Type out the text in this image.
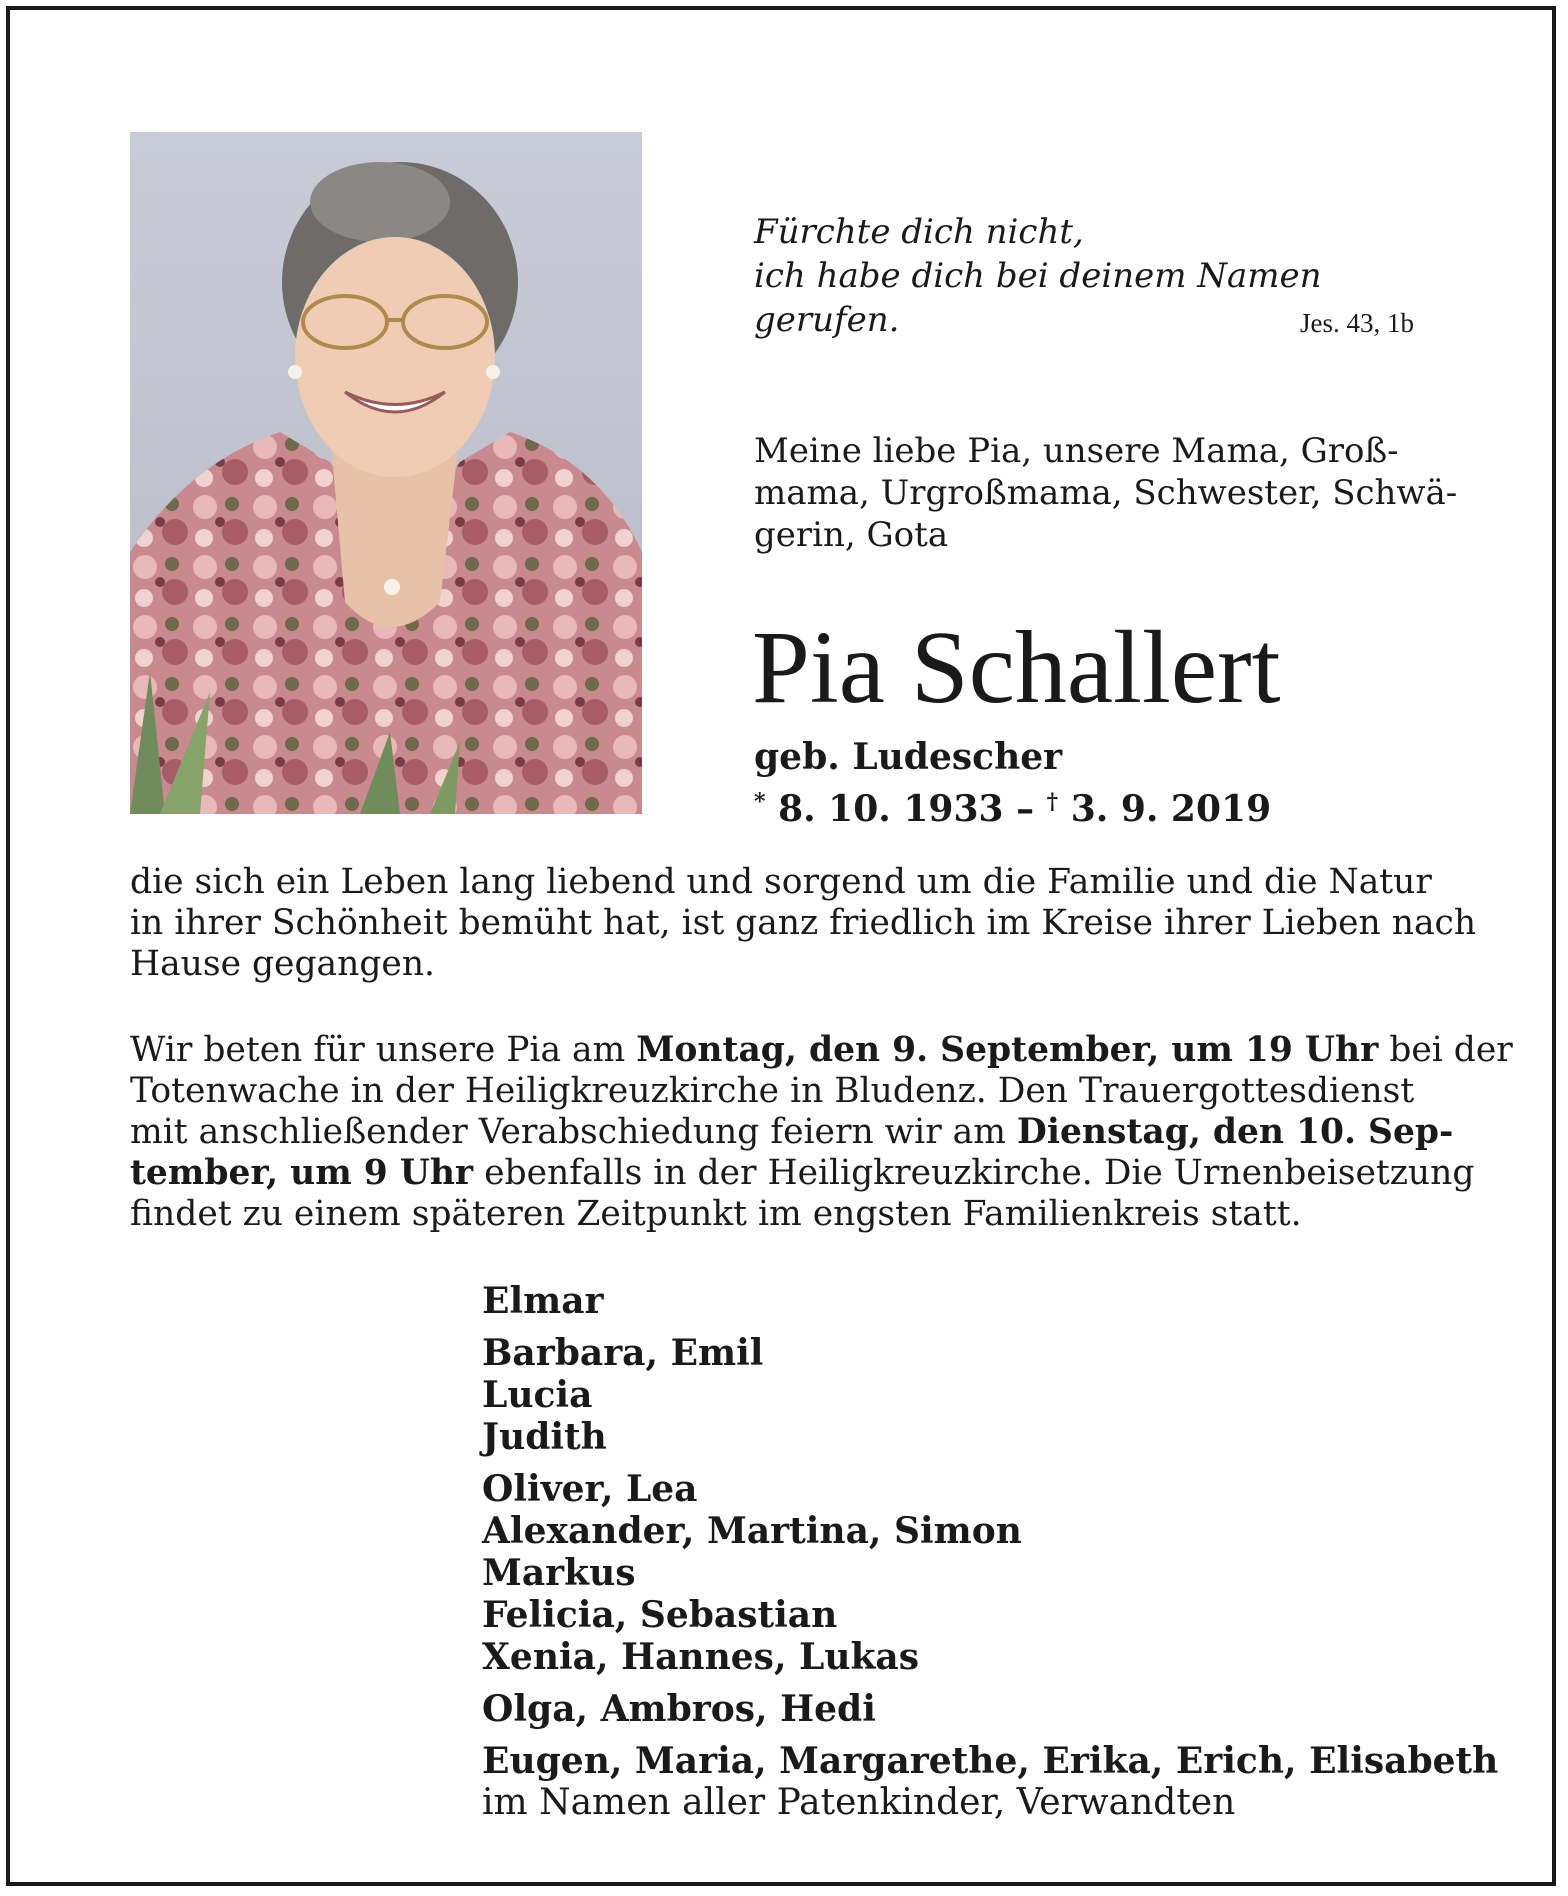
Fürchte dich nicht,
ich habe dich bei deinem Namen gerufen.	Jes. 43, 1b
Meine liebe Pia, unsere Mama, Groß-
mama, Urgroßmama, Schwester, Schwä-
gerin, Gota
Pia Schallert
geb. Ludescher
* 8. 10. 1933 – † 3. 9. 2019
die sich ein Leben lang liebend und sorgend um die Familie und die Natur
in ihrer Schönheit bemüht hat, ist ganz friedlich im Kreise ihrer Lieben nach
Hause gegangen.
Wir beten für unsere Pia am Montag, den 9. September, um 19 Uhr bei der
Totenwache in der Heiligkreuzkirche in Bludenz. Den Trauergottesdienst
mit anschließender Verabschiedung feiern wir am Dienstag, den 10. Sep-
tember, um 9 Uhr ebenfalls in der Heiligkreuzkirche. Die Urnenbeisetzung
findet zu einem späteren Zeitpunkt im engsten Familienkreis statt.
Elmar
Barbara, Emil
Lucia
Judith
Oliver, Lea
Alexander, Martina, Simon
Markus
Felicia, Sebastian
Xenia, Hannes, Lukas
Olga, Ambros, Hedi
Eugen, Maria, Margarethe, Erika, Erich, Elisabeth
im Namen aller Patenkinder, Verwandten
